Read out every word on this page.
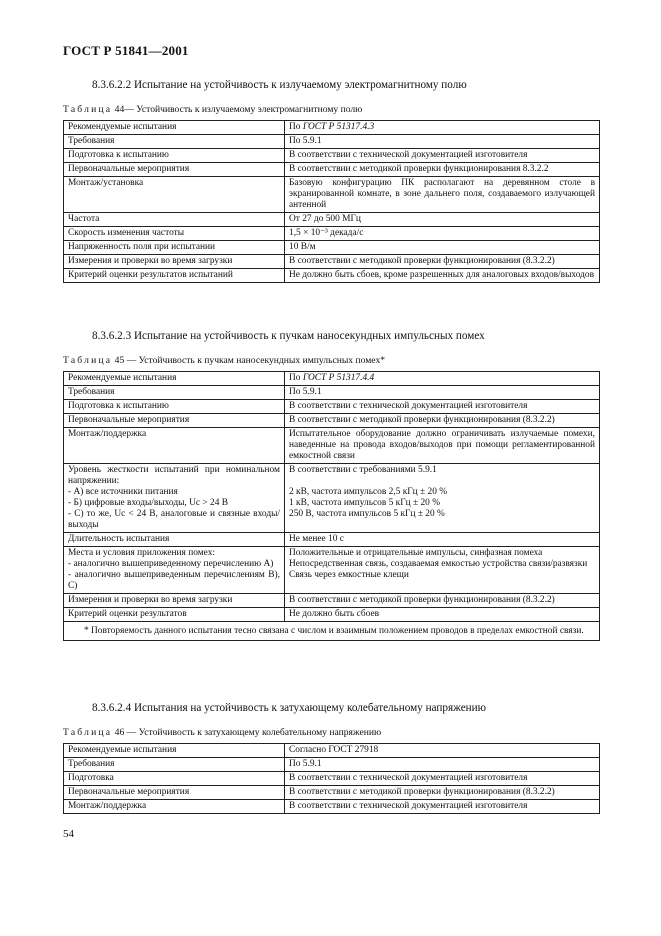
ГОСТ Р 51841—2001
8.3.6.2.2 Испытание на устойчивость к излучаемому электромагнитному полю
Таблица 44— Устойчивость к излучаемому электромагнитному полю
Рекомендуемые испытания	По ГОСТ Р 51317.4.3
Требования	По 5.9.1
Подготовка к испытанию	В соответствии с технической документацией изготовителя
Первоначальные мероприятия	В соответствии с методикой проверки функционирования 8.3.2.2
Монтаж/установка	Базовую конфигурацию ПК располагают на деревянном столе в экранированной комнате, в зоне дальнего поля, создаваемого излучающей антенной
Частота	От 27 до 500 МГц
Скорость изменения частоты	1,5 × 10⁻³ декада/с
Напряженность поля при испытании	10 В/м
Измерения и проверки во время загрузки	В соответствии с методикой проверки функционирования (8.3.2.2)
Критерий оценки результатов испытаний	Не должно быть сбоев, кроме разрешенных для аналоговых входов/выходов
8.3.6.2.3 Испытание на устойчивость к пучкам наносекундных импульсных помех
Таблица 45 — Устойчивость к пучкам наносекундных импульсных помех*
Рекомендуемые испытания	По ГОСТ Р 51317.4.4
Требования	По 5.9.1
Подготовка к испытанию	В соответствии с технической документацией изготовителя
Первоначальные мероприятия	В соответствии с методикой проверки функционирования (8.3.2.2)
Монтаж/поддержка	Испытательное оборудование должно ограничивать излучаемые помехи, наведенные на провода входов/выходов при помощи регламентированной емкостной связи

Уровень жесткости испытаний при номинальном напряжении:
- А) все источники питания
- Б) цифровые входы/выходы, Uc > 24 В
- С) то же, Uc < 24 В, аналоговые и связные входы/выходы	В соответствии с требованиями 5.9.1
2 кВ, частота импульсов 2,5 кГц ± 20 %
1 кВ, частота импульсов 5 кГц ± 20 %
250 В, частота импульсов 5 кГц ± 20 %

Длительность испытания	Не менее 10 с

Места и условия приложения помех:
- аналогично вышеприведенному перечислению А)
- аналогично вышеприведенным перечислениям В), С)	Положительные и отрицательные импульсы, синфазная помеха
Непосредственная связь, создаваемая емкостью устройства связи/развязки
Связь через емкостные клещи

Измерения и проверки во время загрузки	В соответствии с методикой проверки функционирования (8.3.2.2)
Критерий оценки результатов	Не должно быть сбоев
* Повторяемость данного испытания тесно связана с числом и взаимным положением проводов в пределах емкостной связи.	
8.3.6.2.4 Испытания на устойчивость к затухающему колебательному напряжению
Таблица 46 — Устойчивость к затухающему колебательному напряжению
Рекомендуемые испытания	Согласно ГОСТ 27918
Требования	По 5.9.1
Подготовка	В соответствии с технической документацией изготовителя
Первоначальные мероприятия	В соответствии с методикой проверки функционирования (8.3.2.2)
Монтаж/поддержка	В соответствии с технической документацией изготовителя
54
